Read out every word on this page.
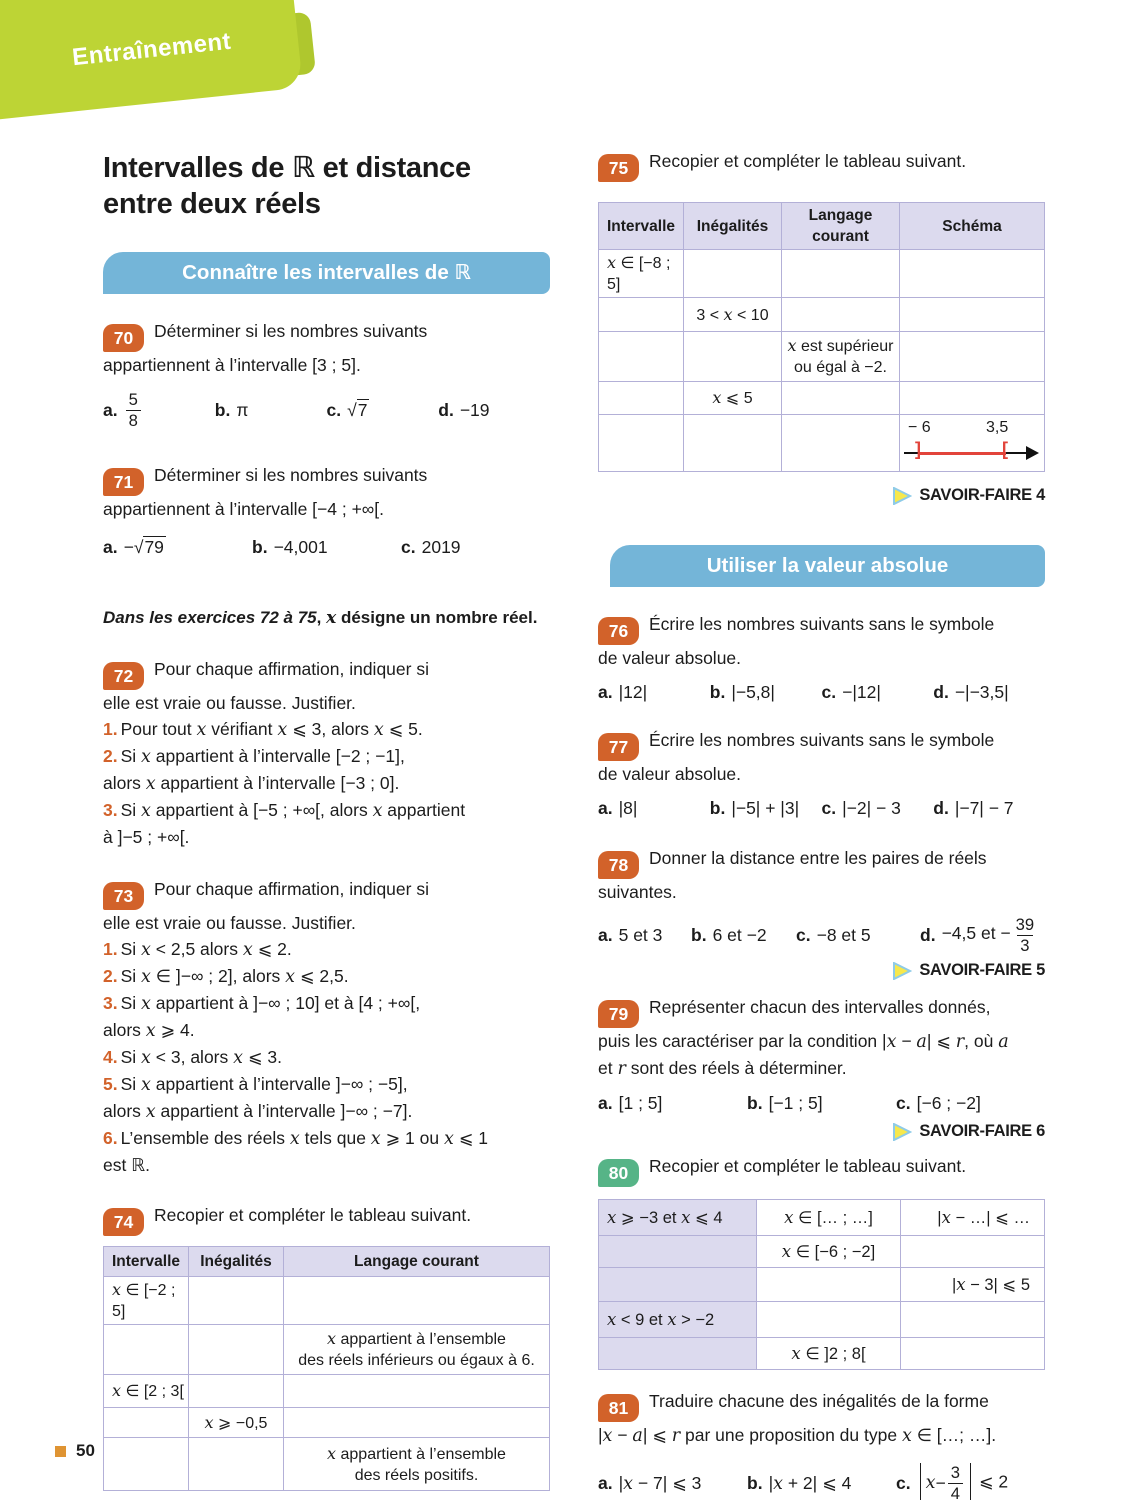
Entraînement
Intervalles de ℝ et distance
entre deux réels
Connaître les intervalles de ℝ
70 Déterminer si les nombres suivants
appartiennent à l’intervalle [3 ; 5].
a. $\frac{5}{8}$	b. π	c. √7	d. −19
71 Déterminer si les nombres suivants
appartiennent à l’intervalle [−4 ; +∞[.
a. −√79	b. −4,001	c. 2019
Dans les exercices 72 à 75, x désigne un nombre réel.
72 Pour chaque affirmation, indiquer si
elle est vraie ou fausse. Justifier.
1. Pour tout x vérifiant x ⩽ 3, alors x ⩽ 5.
2. Si x appartient à l’intervalle [−2 ; −1],
alors x appartient à l’intervalle [−3 ; 0].
3. Si x appartient à [−5 ; +∞[, alors x appartient
à ]−5 ; +∞[.
73 Pour chaque affirmation, indiquer si
elle est vraie ou fausse. Justifier.
1. Si x < 2,5 alors x ⩽ 2.
2. Si x ∈ ]−∞ ; 2], alors x ⩽ 2,5.
3. Si x appartient à ]−∞ ; 10] et à [4 ; +∞[,
alors x ⩾ 4.
4. Si x < 3, alors x ⩽ 3.
5. Si x appartient à l’intervalle ]−∞ ; −5],
alors x appartient à l’intervalle ]−∞ ; −7].
6. L’ensemble des réels x tels que x ⩾ 1 ou x ⩽ 1
est ℝ.
74 Recopier et compléter le tableau suivant.
Intervalle	Inégalités	Langage courant
x ∈ [−2 ; 5]		
		x appartient à l’ensemble
des réels inférieurs ou égaux à 6.
x ∈ [2 ; 3[		
	x ⩾ −0,5	
		x appartient à l’ensemble
des réels positifs.
75 Recopier et compléter le tableau suivant.
Intervalle	Inégalités	Langage courant	Schéma
x ∈ [−8 ; 5]			
	3 < x < 10		
		x est supérieur
ou égal à −2.	
	x ⩽ 5		

			− 6 3,5
] [
SAVOIR-FAIRE 4
Utiliser la valeur absolue
76 Écrire les nombres suivants sans le symbole
de valeur absolue.
a. |12|	b. |−5,8|	c. −|12|	d. −|−3,5|
77 Écrire les nombres suivants sans le symbole
de valeur absolue.
a. |8|	b. |−5| + |3| c. |−2| − 3 d. |−7| − 7
78 Donner la distance entre les paires de réels
suivantes.
a. 5 et 3 b. 6 et −2 c. −8 et 5	d. −4,5 et − $\frac{39}{3}$
SAVOIR-FAIRE 5
79 Représenter chacun des intervalles donnés,
puis les caractériser par la condition |x − a| ⩽ r, où a
et r sont des réels à déterminer.
a. [1 ; 5]	b. [−1 ; 5]	c. [−6 ; −2]
SAVOIR-FAIRE 6
80 Recopier et compléter le tableau suivant.
x ⩾ −3 et x ⩽ 4	x ∈ [… ; …]	|x − …| ⩽ …
	x ∈ [−6 ; −2]	
		|x − 3| ⩽ 5
x < 9 et x > −2		
	x ∈ ]2 ; 8[	
81 Traduire chacune des inégalités de la forme
|x − a| ⩽ r par une proposition du type x ∈ […; …].
a. |x − 7| ⩽ 3	b. |x + 2| ⩽ 4	c. x − 3
4
⩽ 2
50
